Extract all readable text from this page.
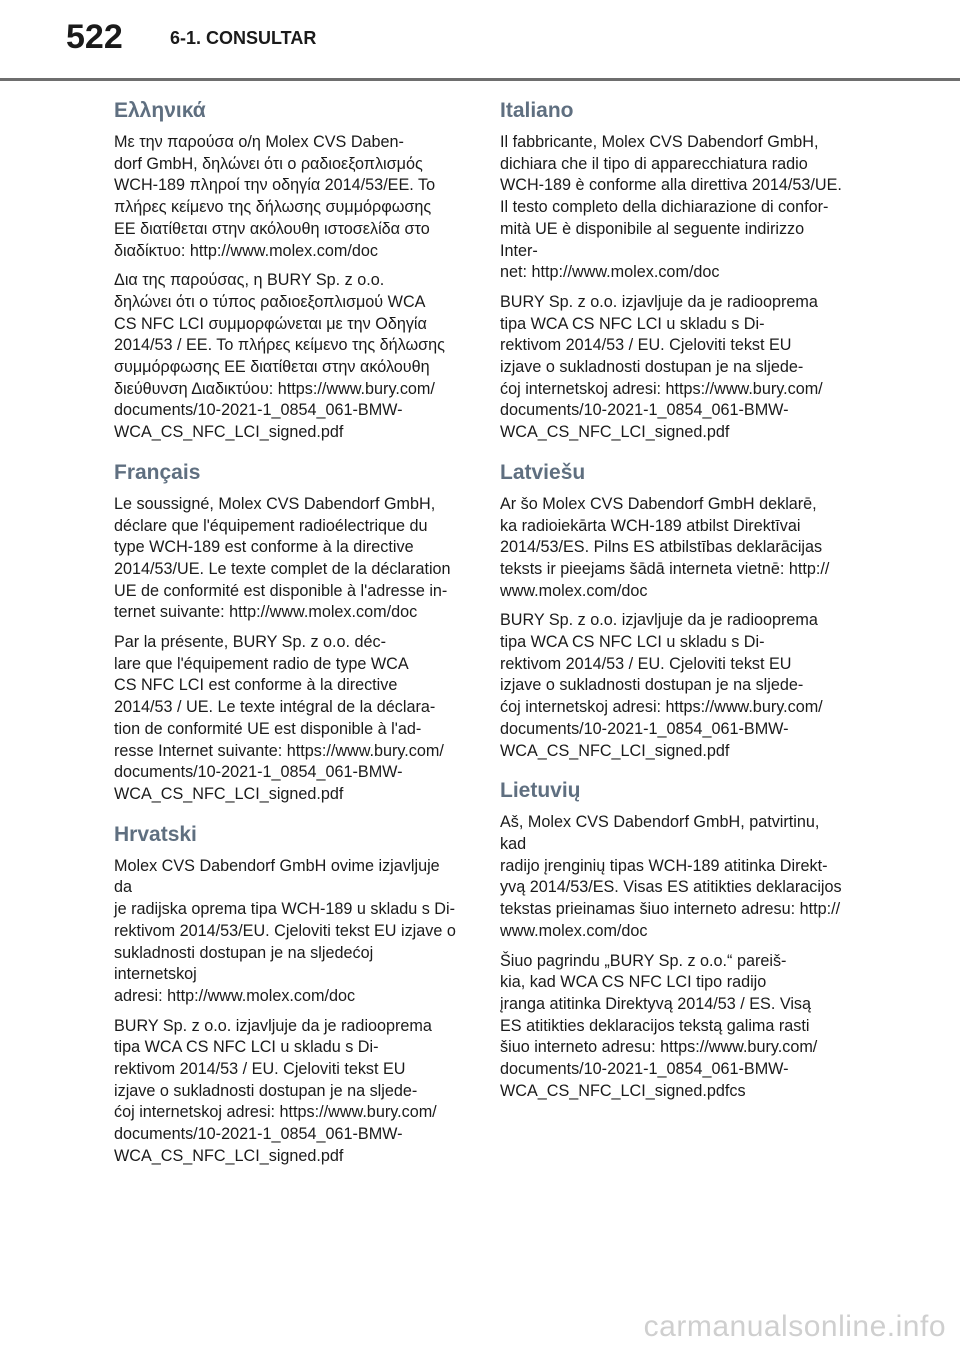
522	6-1. CONSULTAR
Ελληνικά

Με την παρούσα ο/η Molex CVS Daben-
dorf GmbH, δηλώνει ότι ο ραδιοεξοπλισμός
WCH-189 πληροί την οδηγία 2014/53/ΕΕ. Το
πλήρες κείμενο της δήλωσης συμμόρφωσης
ΕΕ διατίθεται στην ακόλουθη ιστοσελίδα στο
διαδίκτυο: http://www.molex.com/doc

Δια της παρούσας, η BURY Sp. z o.o.
δηλώνει ότι ο τύπος ραδιοεξοπλισμού WCA
CS NFC LCI συμμορφώνεται με την Οδηγία
2014/53 / ΕΕ. Το πλήρες κείμενο της δήλωσης
συμμόρφωσης ΕΕ διατίθεται στην ακόλουθη
διεύθυνση Διαδικτύου: https://www.bury.com/
documents/10-2021-1_0854_061-BMW-
WCA_CS_NFC_LCI_signed.pdf

Français

Le soussigné, Molex CVS Dabendorf GmbH,
déclare que l'équipement radioélectrique du
type WCH-189 est conforme à la directive
2014/53/UE. Le texte complet de la déclaration
UE de conformité est disponible à l'adresse in-
ternet suivante: http://www.molex.com/doc

Par la présente, BURY Sp. z o.o. déc-
lare que l'équipement radio de type WCA
CS NFC LCI est conforme à la directive
2014/53 / UE. Le texte intégral de la déclara-
tion de conformité UE est disponible à l'ad-
resse Internet suivante: https://www.bury.com/
documents/10-2021-1_0854_061-BMW-
WCA_CS_NFC_LCI_signed.pdf

Hrvatski

Molex CVS Dabendorf GmbH ovime izjavljuje da
je radijska oprema tipa WCH-189 u skladu s Di-
rektivom 2014/53/EU. Cjeloviti tekst EU izjave o
sukladnosti dostupan je na sljedećoj internetskoj
adresi: http://www.molex.com/doc

BURY Sp. z o.o. izjavljuje da je radiooprema
tipa WCA CS NFC LCI u skladu s Di-
rektivom 2014/53 / EU. Cjeloviti tekst EU
izjave o sukladnosti dostupan je na sljede-
ćoj internetskoj adresi: https://www.bury.com/
documents/10-2021-1_0854_061-BMW-
WCA_CS_NFC_LCI_signed.pdf

Italiano

Il fabbricante, Molex CVS Dabendorf GmbH,
dichiara che il tipo di apparecchiatura radio
WCH-189 è conforme alla direttiva 2014/53/UE.
Il testo completo della dichiarazione di confor-
mità UE è disponibile al seguente indirizzo Inter-
net: http://www.molex.com/doc

BURY Sp. z o.o. izjavljuje da je radiooprema
tipa WCA CS NFC LCI u skladu s Di-
rektivom 2014/53 / EU. Cjeloviti tekst EU
izjave o sukladnosti dostupan je na sljede-
ćoj internetskoj adresi: https://www.bury.com/
documents/10-2021-1_0854_061-BMW-
WCA_CS_NFC_LCI_signed.pdf

Latviešu

Ar šo Molex CVS Dabendorf GmbH deklarē,
ka radioiekārta WCH-189 atbilst Direktīvai
2014/53/ES. Pilns ES atbilstības deklarācijas
teksts ir pieejams šādā interneta vietnē: http://
www.molex.com/doc

BURY Sp. z o.o. izjavljuje da je radiooprema
tipa WCA CS NFC LCI u skladu s Di-
rektivom 2014/53 / EU. Cjeloviti tekst EU
izjave o sukladnosti dostupan je na sljede-
ćoj internetskoj adresi: https://www.bury.com/
documents/10-2021-1_0854_061-BMW-
WCA_CS_NFC_LCI_signed.pdf

Lietuvių

Aš, Molex CVS Dabendorf GmbH, patvirtinu, kad
radijo įrenginių tipas WCH-189 atitinka Direkt-
yvą 2014/53/ES. Visas ES atitikties deklaracijos
tekstas prieinamas šiuo interneto adresu: http://
www.molex.com/doc

Šiuo pagrindu „BURY Sp. z o.o.“ pareiš-
kia, kad WCA CS NFC LCI tipo radijo
įranga atitinka Direktyvą 2014/53 / ES. Visą
ES atitikties deklaracijos tekstą galima rasti
šiuo interneto adresu: https://www.bury.com/
documents/10-2021-1_0854_061-BMW-
WCA_CS_NFC_LCI_signed.pdfcs

carmanualsonline.info
